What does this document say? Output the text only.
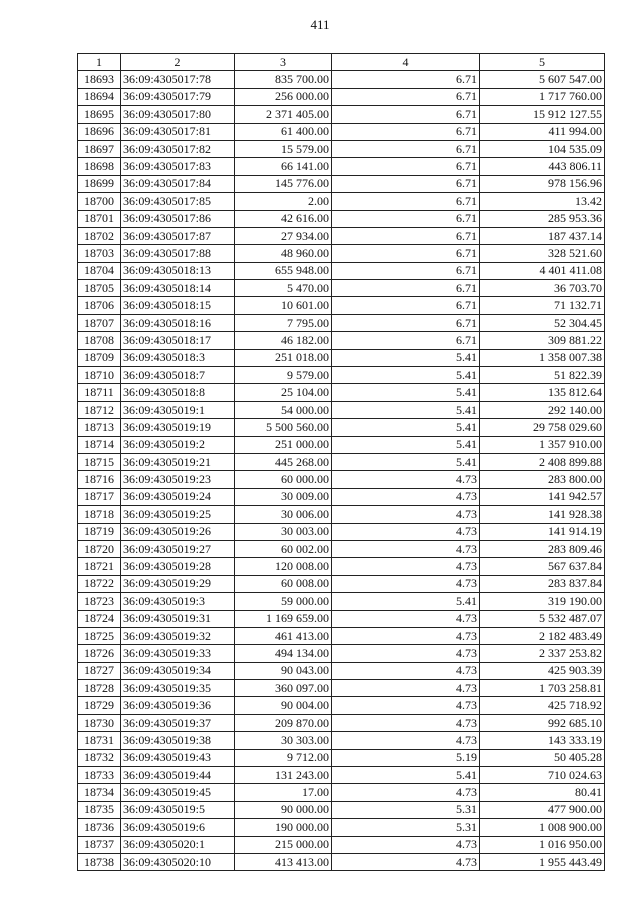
411
1	2	3	4	5
18693	36:09:4305017:78	835 700.00	6.71	5 607 547.00
18694	36:09:4305017:79	256 000.00	6.71	1 717 760.00
18695	36:09:4305017:80	2 371 405.00	6.71	15 912 127.55
18696	36:09:4305017:81	61 400.00	6.71	411 994.00
18697	36:09:4305017:82	15 579.00	6.71	104 535.09
18698	36:09:4305017:83	66 141.00	6.71	443 806.11
18699	36:09:4305017:84	145 776.00	6.71	978 156.96
18700	36:09:4305017:85	2.00	6.71	13.42
18701	36:09:4305017:86	42 616.00	6.71	285 953.36
18702	36:09:4305017:87	27 934.00	6.71	187 437.14
18703	36:09:4305017:88	48 960.00	6.71	328 521.60
18704	36:09:4305018:13	655 948.00	6.71	4 401 411.08
18705	36:09:4305018:14	5 470.00	6.71	36 703.70
18706	36:09:4305018:15	10 601.00	6.71	71 132.71
18707	36:09:4305018:16	7 795.00	6.71	52 304.45
18708	36:09:4305018:17	46 182.00	6.71	309 881.22
18709	36:09:4305018:3	251 018.00	5.41	1 358 007.38
18710	36:09:4305018:7	9 579.00	5.41	51 822.39
18711	36:09:4305018:8	25 104.00	5.41	135 812.64
18712	36:09:4305019:1	54 000.00	5.41	292 140.00
18713	36:09:4305019:19	5 500 560.00	5.41	29 758 029.60
18714	36:09:4305019:2	251 000.00	5.41	1 357 910.00
18715	36:09:4305019:21	445 268.00	5.41	2 408 899.88
18716	36:09:4305019:23	60 000.00	4.73	283 800.00
18717	36:09:4305019:24	30 009.00	4.73	141 942.57
18718	36:09:4305019:25	30 006.00	4.73	141 928.38
18719	36:09:4305019:26	30 003.00	4.73	141 914.19
18720	36:09:4305019:27	60 002.00	4.73	283 809.46
18721	36:09:4305019:28	120 008.00	4.73	567 637.84
18722	36:09:4305019:29	60 008.00	4.73	283 837.84
18723	36:09:4305019:3	59 000.00	5.41	319 190.00
18724	36:09:4305019:31	1 169 659.00	4.73	5 532 487.07
18725	36:09:4305019:32	461 413.00	4.73	2 182 483.49
18726	36:09:4305019:33	494 134.00	4.73	2 337 253.82
18727	36:09:4305019:34	90 043.00	4.73	425 903.39
18728	36:09:4305019:35	360 097.00	4.73	1 703 258.81
18729	36:09:4305019:36	90 004.00	4.73	425 718.92
18730	36:09:4305019:37	209 870.00	4.73	992 685.10
18731	36:09:4305019:38	30 303.00	4.73	143 333.19
18732	36:09:4305019:43	9 712.00	5.19	50 405.28
18733	36:09:4305019:44	131 243.00	5.41	710 024.63
18734	36:09:4305019:45	17.00	4.73	80.41
18735	36:09:4305019:5	90 000.00	5.31	477 900.00
18736	36:09:4305019:6	190 000.00	5.31	1 008 900.00
18737	36:09:4305020:1	215 000.00	4.73	1 016 950.00
18738	36:09:4305020:10	413 413.00	4.73	1 955 443.49
